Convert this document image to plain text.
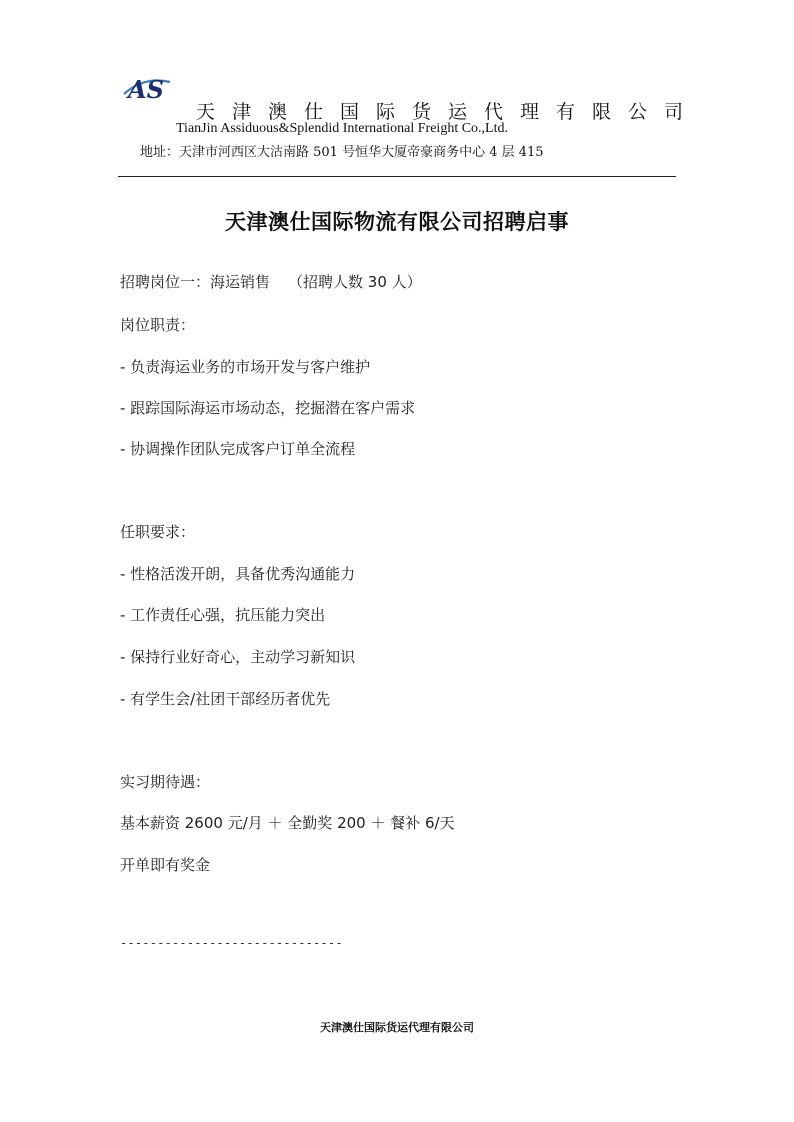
AS
天津澳仕国际货运代理有限公司
TianJin Assiduous&Splendid International Freight Co.,Ltd.
地址：天津市河西区大沽南路 501 号恒华大厦帝豪商务中心 4 层 415
天津澳仕国际物流有限公司招聘启事
招聘岗位一：海运销售 （招聘人数 30 人）
岗位职责：
- 负责海运业务的市场开发与客户维护
- 跟踪国际海运市场动态，挖掘潜在客户需求
- 协调操作团队完成客户订单全流程
任职要求：
- 性格活泼开朗，具备优秀沟通能力
- 工作责任心强，抗压能力突出
- 保持行业好奇心，主动学习新知识
- 有学生会/社团干部经历者优先
实习期待遇：
基本薪资 2600 元/月 ＋ 全勤奖 200 ＋ 餐补 6/天
开单即有奖金
------------------------------
天津澳仕国际货运代理有限公司
